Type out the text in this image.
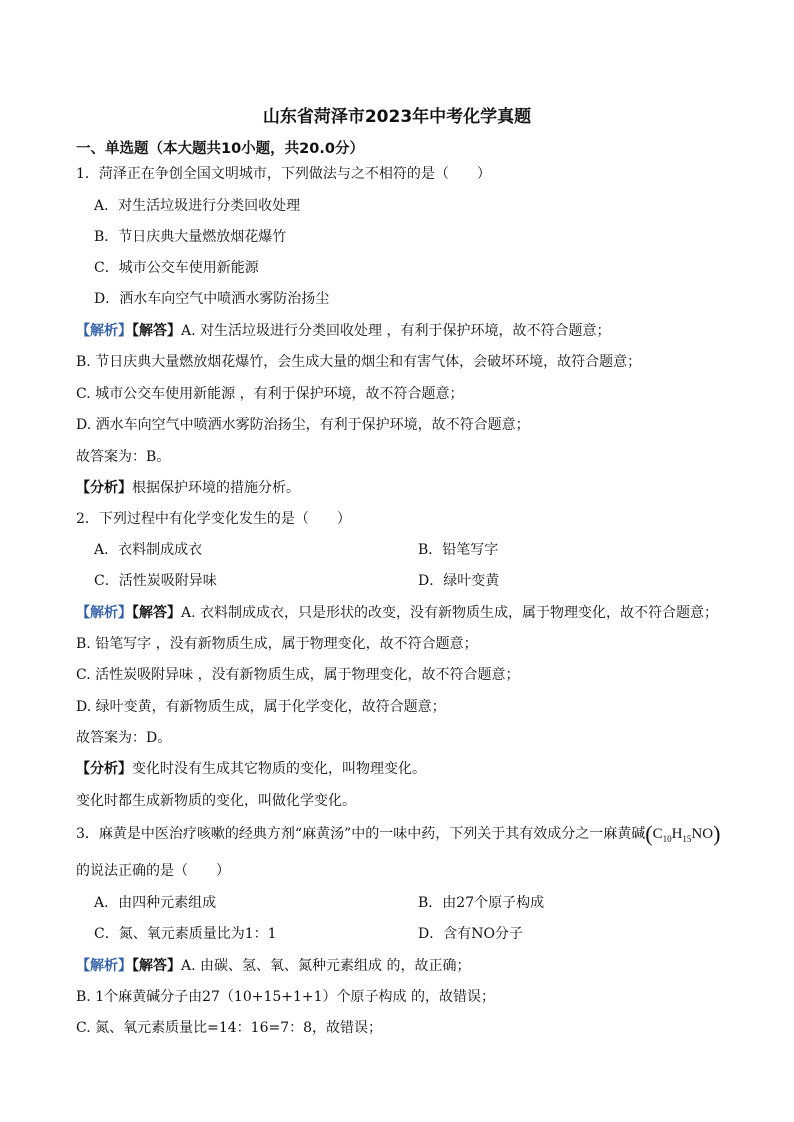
山东省菏泽市2023年中考化学真题
一、单选题（本大题共10小题，共20.0分）
1．菏泽正在争创全国文明城市，下列做法与之不相符的是（　　）
A．对生活垃圾进行分类回收处理
B．节日庆典大量燃放烟花爆竹
C．城市公交车使用新能源
D．洒水车向空气中喷洒水雾防治扬尘
【解析】【解答】A. 对生活垃圾进行分类回收处理 ，有利于保护环境，故不符合题意；
B. 节日庆典大量燃放烟花爆竹，会生成大量的烟尘和有害气体，会破坏环境，故符合题意；
C. 城市公交车使用新能源 ，有利于保护环境，故不符合题意；
D. 洒水车向空气中喷洒水雾防治扬尘，有利于保护环境，故不符合题意；
故答案为：B。
【分析】根据保护环境的措施分析。
2．下列过程中有化学变化发生的是（　　）
A．衣料制成成衣	B．铅笔写字
C．活性炭吸附异味	D．绿叶变黄
【解析】【解答】A. 衣料制成成衣，只是形状的改变，没有新物质生成，属于物理变化，故不符合题意；
B. 铅笔写字 ，没有新物质生成，属于物理变化，故不符合题意；
C. 活性炭吸附异味 ，没有新物质生成，属于物理变化，故不符合题意；
D. 绿叶变黄，有新物质生成，属于化学变化，故符合题意；
故答案为：D。
【分析】变化时没有生成其它物质的变化，叫物理变化。
变化时都生成新物质的变化，叫做化学变化。
3．麻黄是中医治疗咳嗽的经典方剂“麻黄汤”中的一味中药，下列关于其有效成分之一麻黄碱$(C_{10}H_{15}NO)$
的说法正确的是（　　）
A．由四种元素组成	B．由27个原子构成
C．氮、氧元素质量比为1：1	D．含有NO分子
【解析】【解答】A. 由碳、氢、氧、氮种元素组成 的，故正确；
B. 1个麻黄碱分子由27（10+15+1+1）个原子构成 的，故错误；
C. 氮、氧元素质量比=14：16=7：8，故错误；
